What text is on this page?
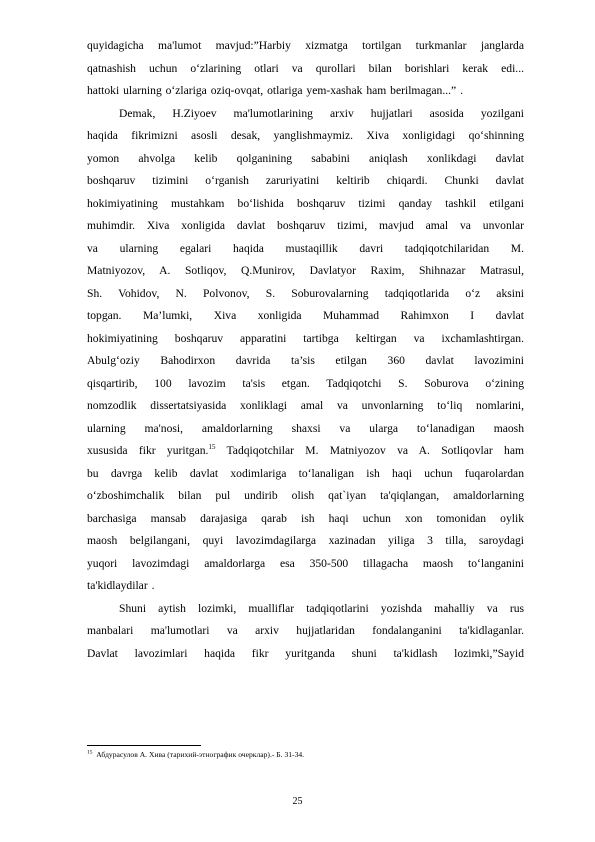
quyidagicha ma'lumot mavjud:”Harbiy xizmatga tortilgan turkmanlar janglarda
qatnashish uchun o‘zlarining otlari va qurollari bilan borishlari kerak edi...
hattoki ularning o‘zlariga oziq-ovqat, otlariga yem-xashak ham berilmagan...” .
Demak, H.Ziyoev ma'lumotlarining arxiv hujjatlari asosida yozilgani
haqida fikrimizni asosli desak, yanglishmaymiz. Xiva xonligidagi qo‘shinning
yomon ahvolga kelib qolganining sababini aniqlash xonlikdagi davlat
boshqaruv tizimini o‘rganish zaruriyatini keltirib chiqardi. Chunki davlat
hokimiyatining mustahkam bo‘lishida boshqaruv tizimi qanday tashkil etilgani
muhimdir. Xiva xonligida davlat boshqaruv tizimi, mavjud amal va unvonlar
va ularning egalari haqida mustaqillik davri tadqiqotchilaridan M.
Matniyozov, A. Sotliqov, Q.Munirov, Davlatyor Raxim, Shihnazar Matrasul,
Sh. Vohidov, N. Polvonov, S. Soburovalarning tadqiqotlarida o‘z aksini
topgan. Ma’lumki, Xiva xonligida Muhammad Rahimxon I davlat
hokimiyatining boshqaruv apparatini tartibga keltirgan va ixchamlashtirgan.
Abulg‘oziy Bahodirxon davrida ta’sis etilgan 360 davlat lavozimini
qisqartirib, 100 lavozim ta'sis etgan. Tadqiqotchi S. Soburova o‘zining
nomzodlik dissertatsiyasida xonliklagi amal va unvonlarning to‘liq nomlarini,
ularning ma'nosi, amaldorlarning shaxsi va ularga to‘lanadigan maosh
xususida fikr yuritgan.$^{15}$ Tadqiqotchilar M. Matniyozov va A. Sotliqovlar ham
bu davrga kelib davlat xodimlariga to‘lanaligan ish haqi uchun fuqarolardan
o‘zboshimchalik bilan pul undirib olish qat`iyan ta'qiqlangan, amaldorlarning
barchasiga mansab darajasiga qarab ish haqi uchun xon tomonidan oylik
maosh belgilangani, quyi lavozimdagilarga xazinadan yiliga 3 tilla, saroydagi
yuqori lavozimdagi amaldorlarga esa 350-500 tillagacha maosh to‘langanini
ta'kidlaydilar .
Shuni aytish lozimki, mualliflar tadqiqotlarini yozishda mahalliy va rus
manbalari ma'lumotlari va arxiv hujjatlaridan fondalanganini ta'kidlaganlar.
Davlat lavozimlari haqida fikr yuritganda shuni ta'kidlash lozimki,”Sayid
$^{15}$ Абдурасулов А. Хива (тарихий-этнографик очерклар).- Б. 31-34.
25
